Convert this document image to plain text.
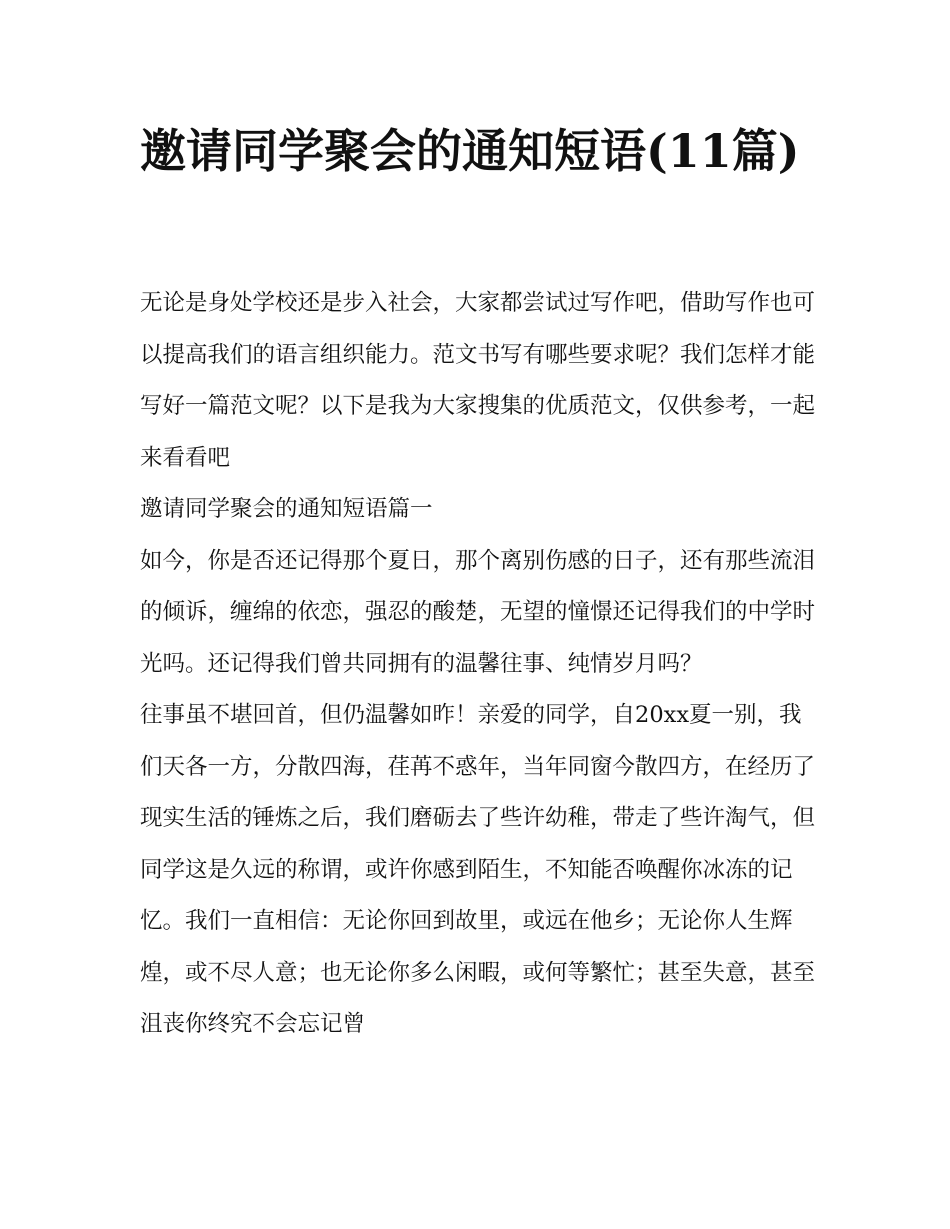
邀请同学聚会的通知短语(11篇)

无论是身处学校还是步入社会，大家都尝试过写作吧，借助写作也可以提高我们的语言组织能力。范文书写有哪些要求呢？我们怎样才能写好一篇范文呢？以下是我为大家搜集的优质范文，仅供参考，一起来看看吧

邀请同学聚会的通知短语篇一

如今，你是否还记得那个夏日，那个离别伤感的日子，还有那些流泪的倾诉，缠绵的依恋，强忍的酸楚，无望的憧憬还记得我们的中学时光吗。还记得我们曾共同拥有的温馨往事、纯情岁月吗？

往事虽不堪回首，但仍温馨如昨！亲爱的同学，自20xx夏一别，我们天各一方，分散四海，荏苒不惑年，当年同窗今散四方，在经历了现实生活的锤炼之后，我们磨砺去了些许幼稚，带走了些许淘气，但同学这是久远的称谓，或许你感到陌生，不知能否唤醒你冰冻的记忆。我们一直相信：无论你回到故里，或远在他乡；无论你人生辉煌，或不尽人意；也无论你多么闲暇，或何等繁忙；甚至失意，甚至沮丧你终究不会忘记曾
